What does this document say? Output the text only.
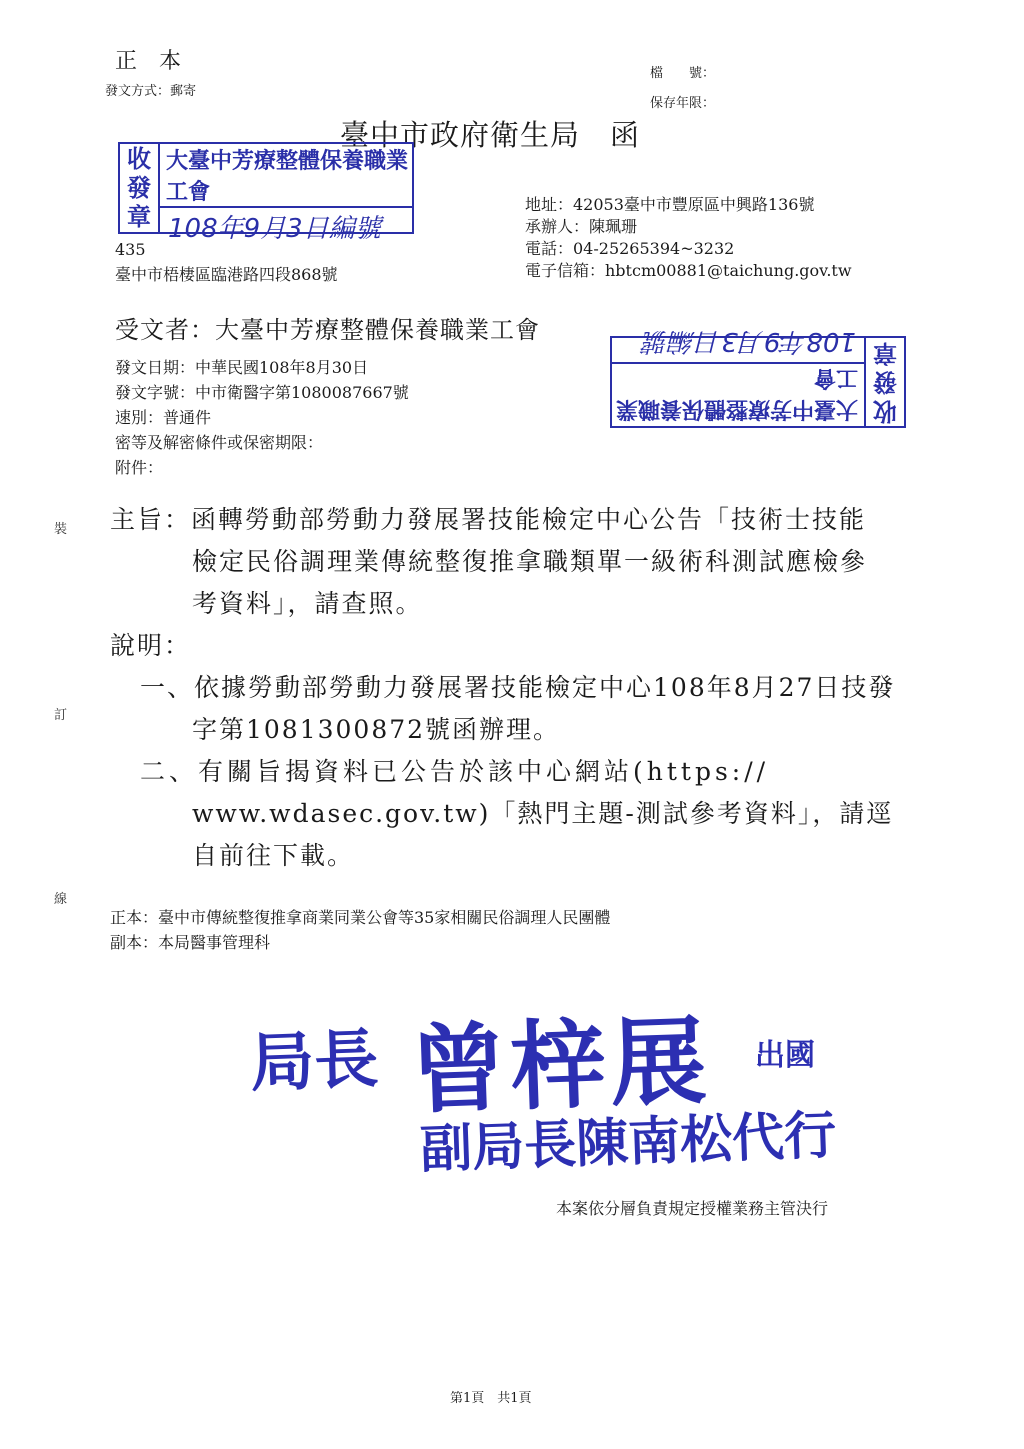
正　本
發文方式：郵寄
檔　　號：
保存年限：
臺中市政府衛生局　函
收
發
章
大臺中芳療整體保養職業工會
108年9月3日編號
收
發
章
大臺中芳療整體保養職業工會
108年9月3日編號
435
臺中市梧棲區臨港路四段868號
地址：42053臺中市豐原區中興路136號
承辦人：陳珮珊
電話：04-25265394~3232
電子信箱：hbtcm00881@taichung.gov.tw
受文者：大臺中芳療整體保養職業工會
發文日期：中華民國108年8月30日
發文字號：中市衛醫字第1080087667號
速別：普通件
密等及解密條件或保密期限：
附件：
裝
訂
線
主旨：函轉勞動部勞動力發展署技能檢定中心公告「技術士技能
檢定民俗調理業傳統整復推拿職類單一級術科測試應檢參
考資料」，請查照。
說明：
一、依據勞動部勞動力發展署技能檢定中心108年8月27日技發
字第1081300872號函辦理。
二、有關旨揭資料已公告於該中心網站(https://
www.wdasec.gov.tw)「熱門主題-測試參考資料」，請逕
自前往下載。
正本：臺中市傳統整復推拿商業同業公會等35家相關民俗調理人民團體
副本：本局醫事管理科
局長 曾梓展 出國
副局長陳南松代行
本案依分層負責規定授權業務主管決行
第1頁　共1頁
